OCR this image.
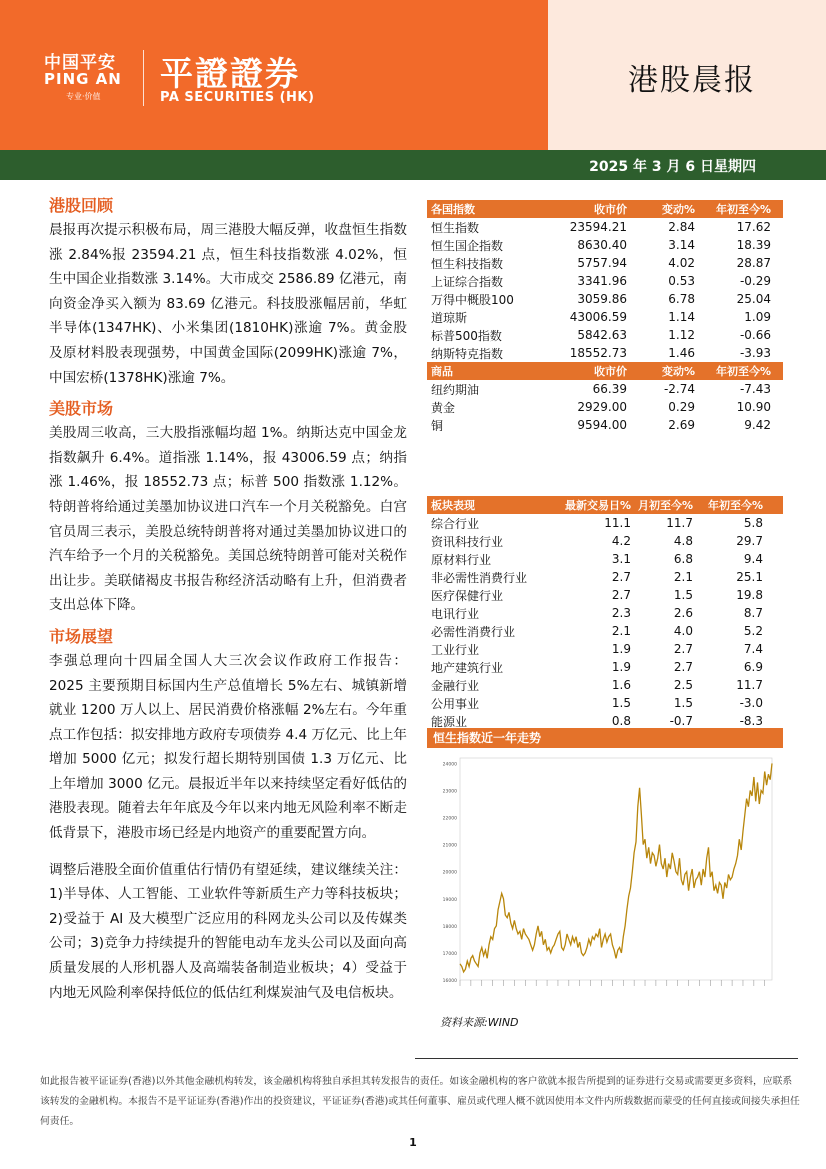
中国平安
PING AN
专业·价值
平證證券
PA SECURITIES (HK)	港股晨报
2025 年 3 月 6 日星期四
港股回顾

晨报再次提示积极布局，周三港股大幅反弹，收盘恒生指数涨 2.84%报 23594.21 点，恒生科技指数涨 4.02%，恒生中国企业指数涨 3.14%。大市成交 2586.89 亿港元，南向资金净买入额为 83.69 亿港元。科技股涨幅居前，华虹半导体(1347HK)、小米集团(1810HK)涨逾 7%。黄金股及原材料股表现强势，中国黄金国际(2099HK)涨逾 7%，中国宏桥(1378HK)涨逾 7%。

美股市场

美股周三收高，三大股指涨幅均超 1%。纳斯达克中国金龙指数飙升 6.4%。道指涨 1.14%，报 43006.59 点；纳指涨 1.46%，报 18552.73 点；标普 500 指数涨 1.12%。特朗普将给通过美墨加协议进口汽车一个月关税豁免。白宫官员周三表示，美股总统特朗普将对通过美墨加协议进口的汽车给予一个月的关税豁免。美国总统特朗普可能对关税作出让步。美联储褐皮书报告称经济活动略有上升，但消费者支出总体下降。

市场展望

李强总理向十四届全国人大三次会议作政府工作报告：2025 主要预期目标国内生产总值增长 5%左右、城镇新增就业 1200 万人以上、居民消费价格涨幅 2%左右。今年重点工作包括：拟安排地方政府专项债券 4.4 万亿元、比上年增加 5000 亿元；拟发行超长期特别国债 1.3 万亿元、比上年增加 3000 亿元。晨报近半年以来持续坚定看好低估的港股表现。随着去年年底及今年以来内地无风险利率不断走低背景下，港股市场已经是内地资产的重要配置方向。

调整后港股全面价值重估行情仍有望延续，建议继续关注：1)半导体、人工智能、工业软件等新质生产力等科技板块；2)受益于 AI 及大模型广泛应用的科网龙头公司以及传媒类公司；3)竞争力持续提升的智能电动车龙头公司以及面向高质量发展的人形机器人及高端装备制造业板块；4）受益于内地无风险利率保持低位的低估红利煤炭油气及电信板块。

各国指数	收市价	变动%	年初至今%
恒生指数	23594.21	2.84	17.62
恒生国企指数	8630.40	3.14	18.39
恒生科技指数	5757.94	4.02	28.87
上证综合指数	3341.96	0.53	-0.29
万得中概股100	3059.86	6.78	25.04
道琼斯	43006.59	1.14	1.09
标普500指数	5842.63	1.12	-0.66
纳斯特克指数	18552.73	1.46	-3.93
商品	收市价	变动%	年初至今%
纽约期油	66.39	-2.74	-7.43
黄金	2929.00	0.29	10.90
铜	9594.00	2.69	9.42
板块表现	最新交易日% 月初至今%	年初至今%
综合行业	11.1	11.7	5.8
资讯科技行业	4.2	4.8	29.7
原材料行业	3.1	6.8	9.4
非必需性消费行业	2.7	2.1	25.1
医疗保健行业	2.7	1.5	19.8
电讯行业	2.3	2.6	8.7
必需性消费行业	2.1	4.0	5.2
工业行业	1.9	2.7	7.4
地产建筑行业	1.9	2.7	6.9
金融行业	1.6	2.5	11.7
公用事业	1.5	1.5	-3.0
能源业	0.8	-0.7	-8.3
恒生指数近一年走势
16000
17000
18000
19000
20000
21000
22000
23000
24000
资料来源:WIND
如此报告被平证证券(香港)以外其他金融机构转发，该金融机构将独自承担其转发报告的责任。如该金融机构的客户欲就本报告所提到的证券进行交易或需要更多资料，应联系该转发的金融机构。本报告不是平证证券(香港)作出的投资建议，平证证券(香港)或其任何董事、雇员或代理人概不就因使用本文件内所载数据而蒙受的任何直接或间接失承担任何责任。
1
